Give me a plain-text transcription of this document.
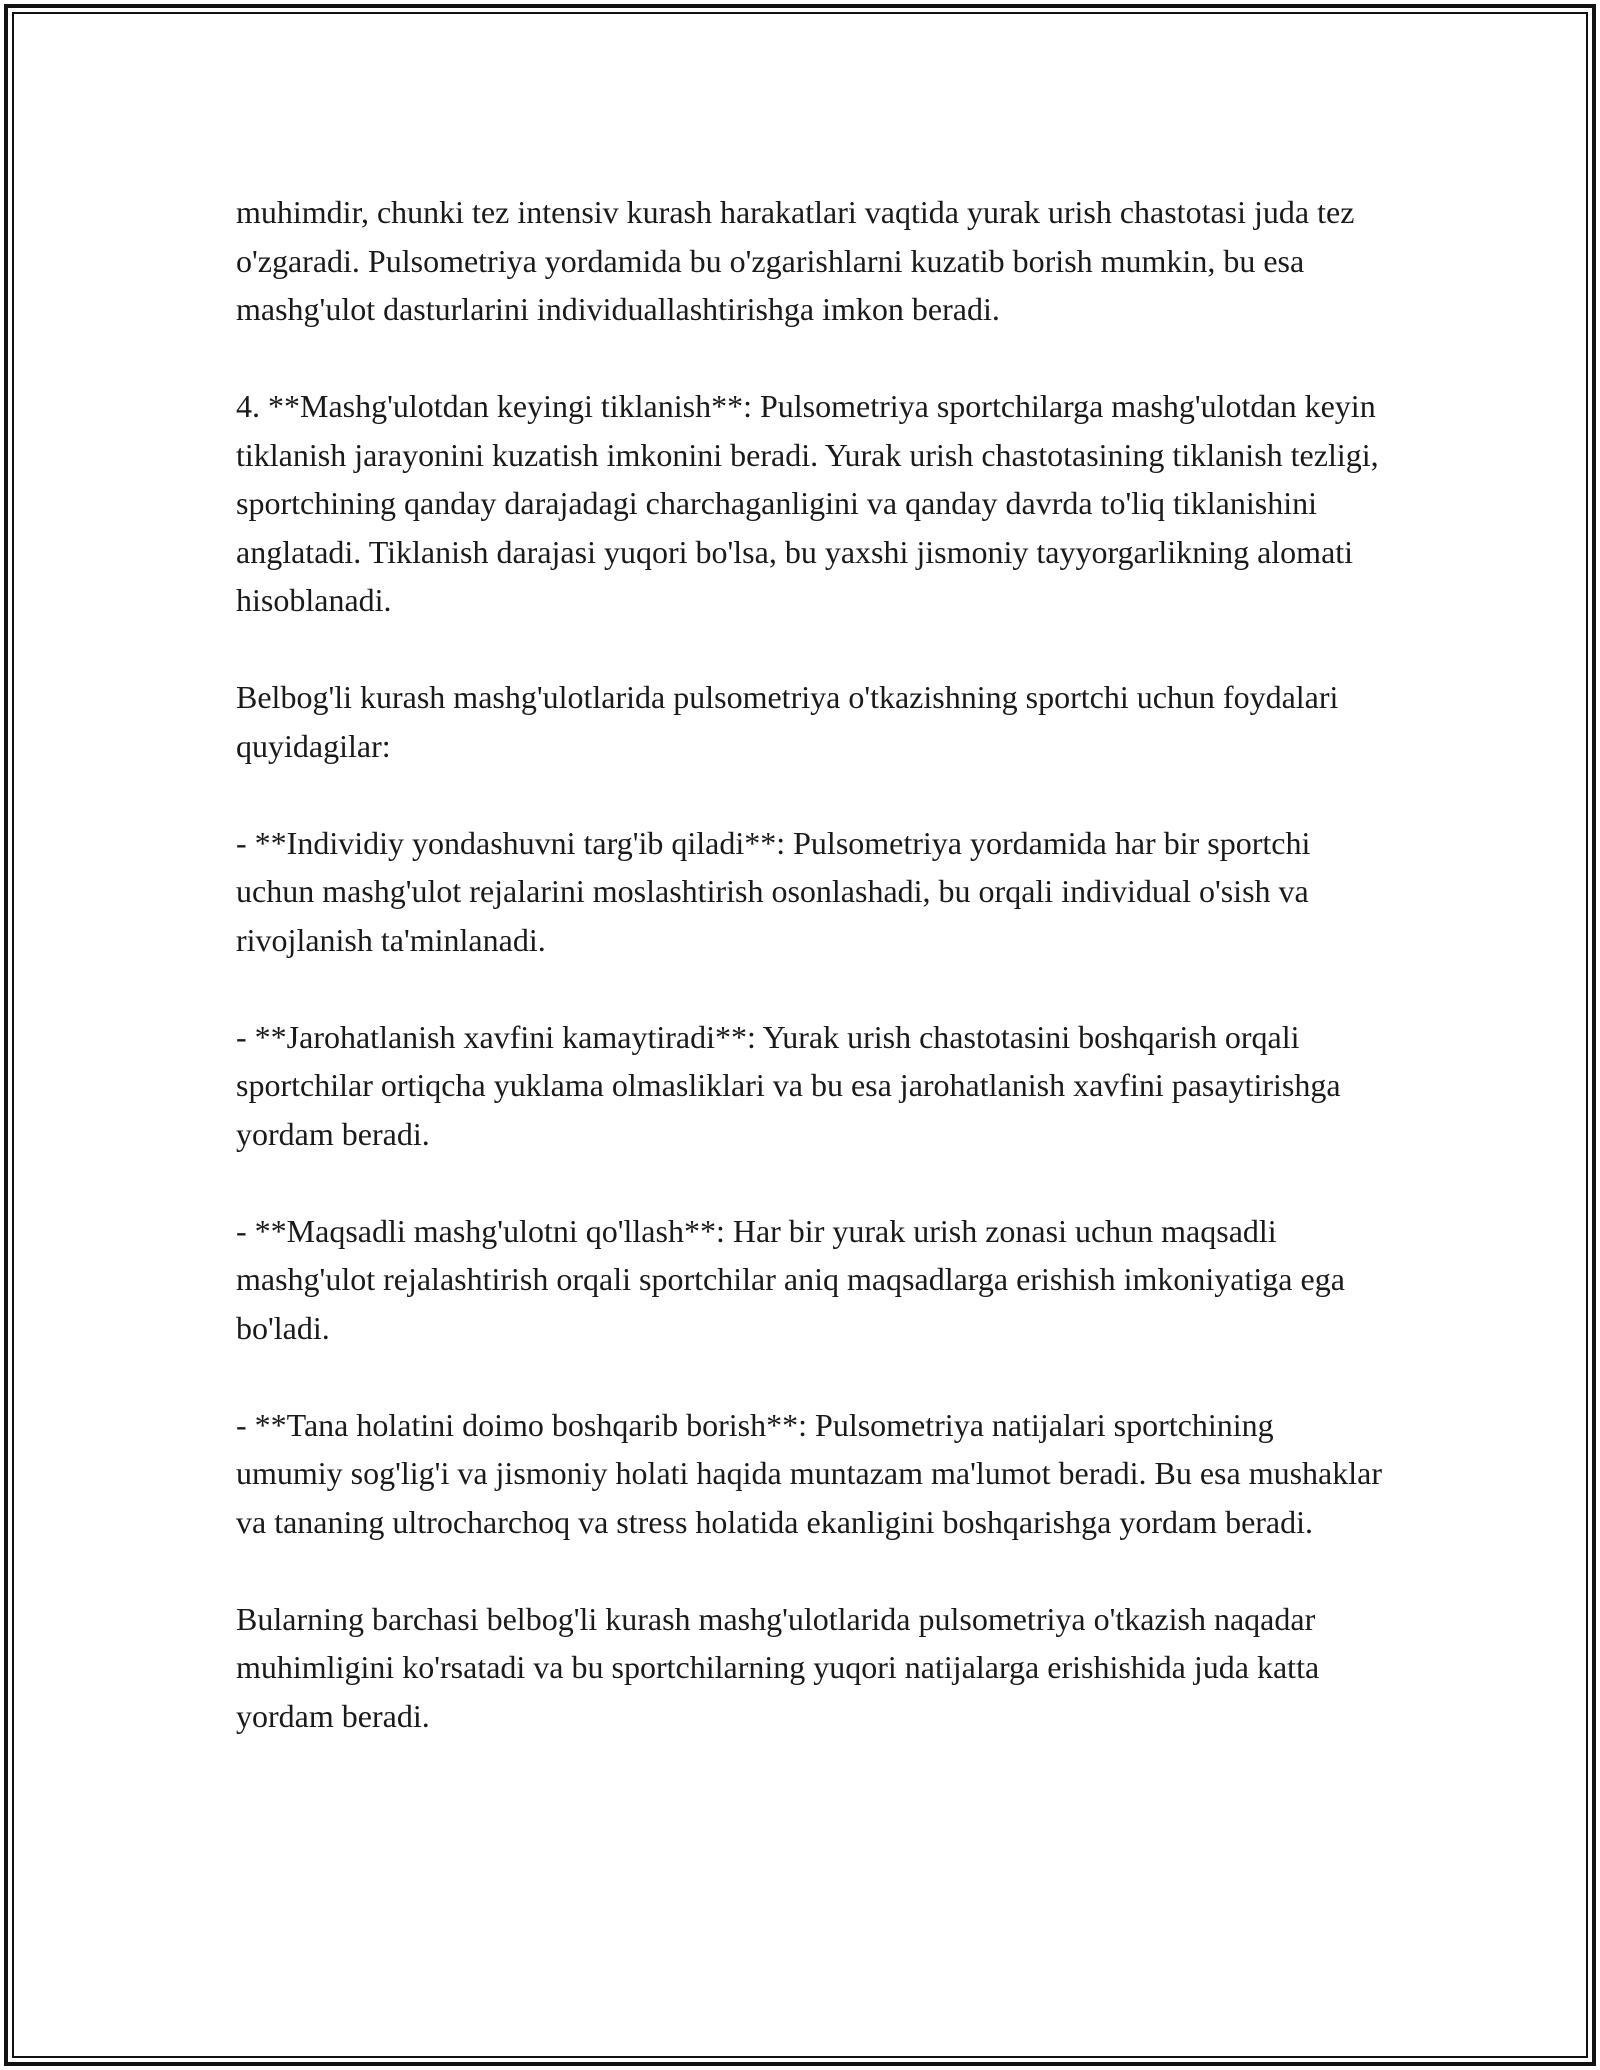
muhimdir, chunki tez intensiv kurash harakatlari vaqtida yurak urish chastotasi juda tez o'zgaradi. Pulsometriya yordamida bu o'zgarishlarni kuzatib borish mumkin, bu esa mashg'ulot dasturlarini individuallashtirishga imkon beradi.

4. **Mashg'ulotdan keyingi tiklanish**: Pulsometriya sportchilarga mashg'ulotdan keyin tiklanish jarayonini kuzatish imkonini beradi. Yurak urish chastotasining tiklanish tezligi, sportchining qanday darajadagi charchaganligini va qanday davrda to'liq tiklanishini anglatadi. Tiklanish darajasi yuqori bo'lsa, bu yaxshi jismoniy tayyorgarlikning alomati hisoblanadi.

Belbog'li kurash mashg'ulotlarida pulsometriya o'tkazishning sportchi uchun foydalari quyidagilar:

- **Individiy yondashuvni targ'ib qiladi**: Pulsometriya yordamida har bir sportchi uchun mashg'ulot rejalarini moslashtirish osonlashadi, bu orqali individual o'sish va rivojlanish ta'minlanadi.

- **Jarohatlanish xavfini kamaytiradi**: Yurak urish chastotasini boshqarish orqali sportchilar ortiqcha yuklama olmasliklari va bu esa jarohatlanish xavfini pasaytirishga yordam beradi.

- **Maqsadli mashg'ulotni qo'llash**: Har bir yurak urish zonasi uchun maqsadli mashg'ulot rejalashtirish orqali sportchilar aniq maqsadlarga erishish imkoniyatiga ega bo'ladi.

- **Tana holatini doimo boshqarib borish**: Pulsometriya natijalari sportchining umumiy sog'lig'i va jismoniy holati haqida muntazam ma'lumot beradi. Bu esa mushaklar va tananing ultrocharchoq va stress holatida ekanligini boshqarishga yordam beradi.

Bularning barchasi belbog'li kurash mashg'ulotlarida pulsometriya o'tkazish naqadar muhimligini ko'rsatadi va bu sportchilarning yuqori natijalarga erishishida juda katta yordam beradi.
